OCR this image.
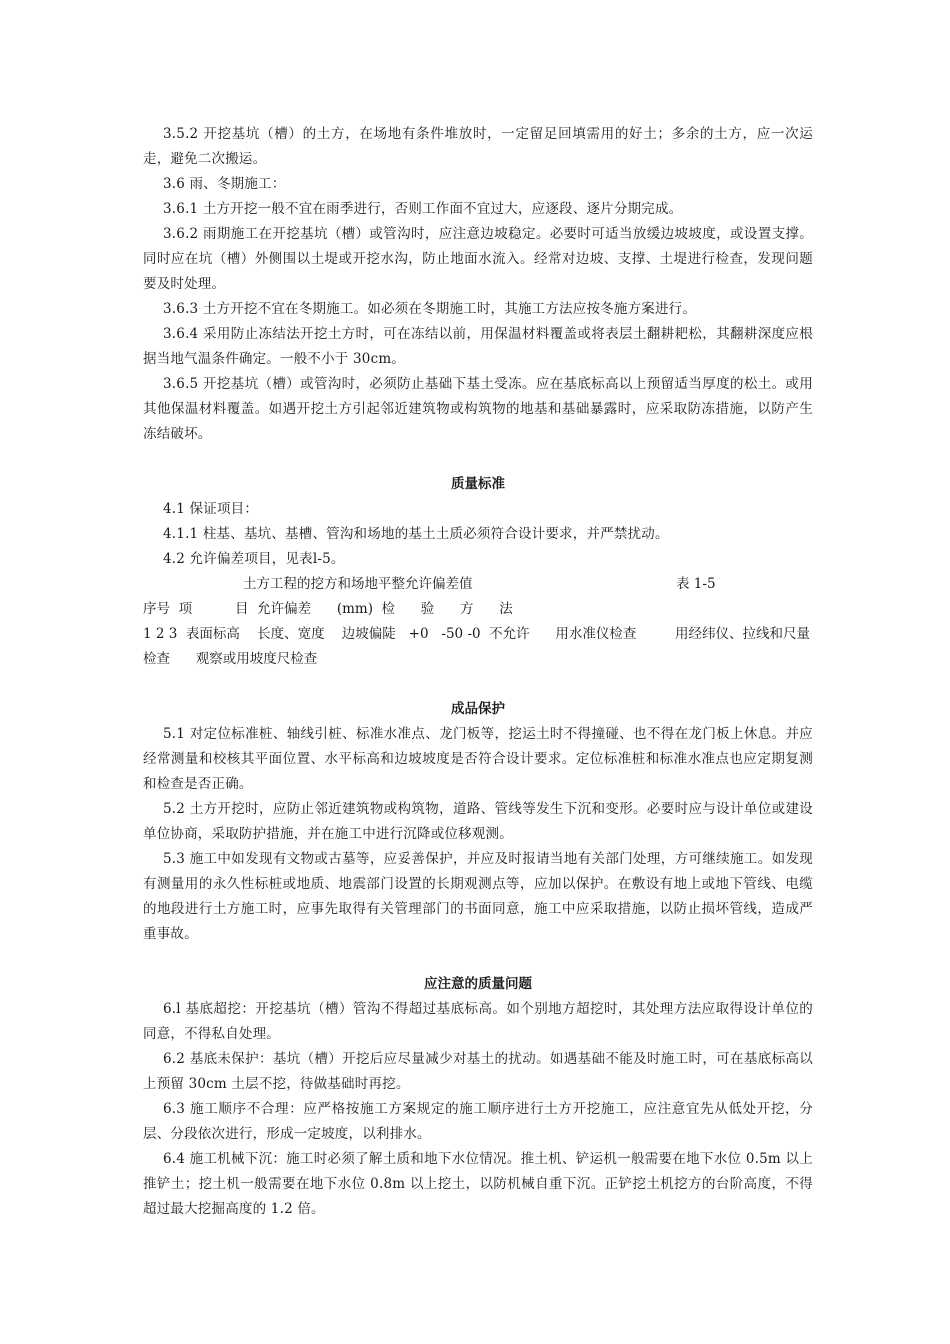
3.5.2 开挖基坑（槽）的土方，在场地有条件堆放时，一定留足回填需用的好土；多余的土方，应一次运走，避免二次搬运。

3.6 雨、冬期施工：

3.6.1 土方开挖一般不宜在雨季进行，否则工作面不宜过大，应逐段、逐片分期完成。

3.6.2 雨期施工在开挖基坑（槽）或管沟时，应注意边坡稳定。必要时可适当放缓边坡坡度，或设置支撑。同时应在坑（槽）外侧围以土堤或开挖水沟，防止地面水流入。经常对边坡、支撑、土堤进行检查，发现问题要及时处理。

3.6.3 土方开挖不宜在冬期施工。如必须在冬期施工时，其施工方法应按冬施方案进行。

3.6.4 采用防止冻结法开挖土方时，可在冻结以前，用保温材料覆盖或将表层土翻耕耙松，其翻耕深度应根据当地气温条件确定。一般不小于 30cm。

3.6.5 开挖基坑（槽）或管沟时，必须防止基础下基土受冻。应在基底标高以上预留适当厚度的松土。或用其他保温材料覆盖。如遇开挖土方引起邻近建筑物或构筑物的地基和基础暴露时，应采取防冻措施，以防产生冻结破坏。

质量标准

4.1 保证项目：

4.1.1 柱基、基坑、基槽、管沟和场地的基土土质必须符合设计要求，并严禁扰动。

4.2 允许偏差项目，见表l-5。

土方工程的挖方和场地平整允许偏差值	表 1-5

序号  项          目  允许偏差      (mm)  检      验      方      法

1 2 3  表面标高    长度、宽度    边坡偏陡   +0   -50 -0  不允许      用水准仪检查         用经纬仪、拉线和尺量

检查      观察或用坡度尺检查

成品保护

5.1 对定位标准桩、轴线引桩、标准水准点、龙门板等，挖运土时不得撞碰、也不得在龙门板上休息。并应经常测量和校核其平面位置、水平标高和边坡坡度是否符合设计要求。定位标准桩和标准水准点也应定期复测和检查是否正确。

5.2 土方开挖时，应防止邻近建筑物或构筑物，道路、管线等发生下沉和变形。必要时应与设计单位或建设单位协商，采取防护措施，并在施工中进行沉降或位移观测。

5.3 施工中如发现有文物或古墓等，应妥善保护，并应及时报请当地有关部门处理，方可继续施工。如发现有测量用的永久性标桩或地质、地震部门设置的长期观测点等，应加以保护。在敷设有地上或地下管线、电缆的地段进行土方施工时，应事先取得有关管理部门的书面同意，施工中应采取措施，以防止损坏管线，造成严重事故。

应注意的质量问题

6.l 基底超挖：开挖基坑（槽）管沟不得超过基底标高。如个别地方超挖时，其处理方法应取得设计单位的同意，不得私自处理。

6.2 基底未保护：基坑（槽）开挖后应尽量减少对基土的扰动。如遇基础不能及时施工时，可在基底标高以上预留 30cm 土层不挖，待做基础时再挖。

6.3 施工顺序不合理：应严格按施工方案规定的施工顺序进行土方开挖施工，应注意宜先从低处开挖，分层、分段依次进行，形成一定坡度，以利排水。

6.4 施工机械下沉：施工时必须了解土质和地下水位情况。推土机、铲运机一般需要在地下水位 0.5m 以上推铲土；挖土机一般需要在地下水位 0.8m 以上挖土，以防机械自重下沉。正铲挖土机挖方的台阶高度，不得超过最大挖掘高度的 1.2 倍。
